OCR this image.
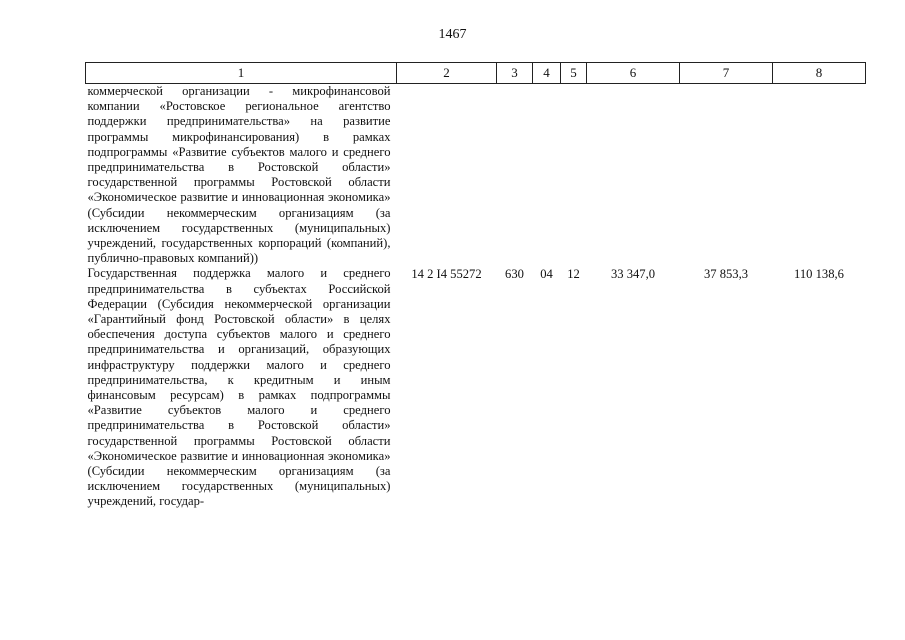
1467
1	2	3	4	5	6	7	8
коммерческой организации - микрофинансовой компании «Ростовское региональное агентство поддержки предпринимательства» на развитие программы микрофинансирования) в рамках подпрограммы «Развитие субъектов малого и среднего предпринимательства в Ростовской области» государственной программы Ростовской области «Экономическое развитие и инновационная экономика» (Субсидии некоммерческим организациям (за исключением государственных (муниципальных) учреждений, государственных корпораций (компаний), публично-правовых компаний))							
Государственная поддержка малого и среднего предпринимательства в субъектах Российской Федерации (Субсидия некоммерческой организации «Гарантийный фонд Ростовской области» в целях обеспечения доступа субъектов малого и среднего предпринимательства и организаций, образующих инфраструктуру поддержки малого и среднего предпринимательства, к кредитным и иным финансовым ресурсам) в рамках подпрограммы «Развитие субъектов малого и среднего предпринимательства в Ростовской области» государственной программы Ростовской области «Экономическое развитие и инновационная экономика» (Субсидии некоммерческим организациям (за исключением государственных (муниципальных) учреждений, государ-	14 2 I4 55272	630	04	12	33 347,0	37 853,3	110 138,6
